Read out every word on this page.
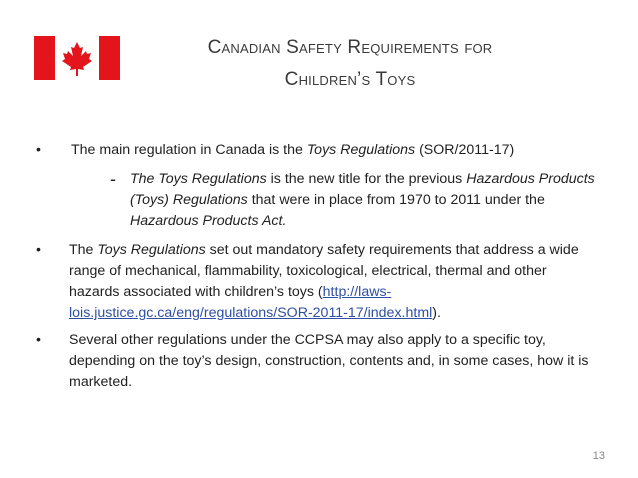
Canadian Safety Requirements for
Children’s Toys
• The main regulation in Canada is the Toys Regulations (SOR/2011-17)
- The Toys Regulations is the new title for the previous Hazardous Products (Toys) Regulations that were in place from 1970 to 2011 under the Hazardous Products Act.
• The Toys Regulations set out mandatory safety requirements that address a wide range of mechanical, flammability, toxicological, electrical, thermal and other hazards associated with children’s toys (http://laws-lois.justice.gc.ca/eng/regulations/SOR-2011-17/index.html).
• Several other regulations under the CCPSA may also apply to a specific toy, depending on the toy’s design, construction, contents and, in some cases, how it is marketed.
13
